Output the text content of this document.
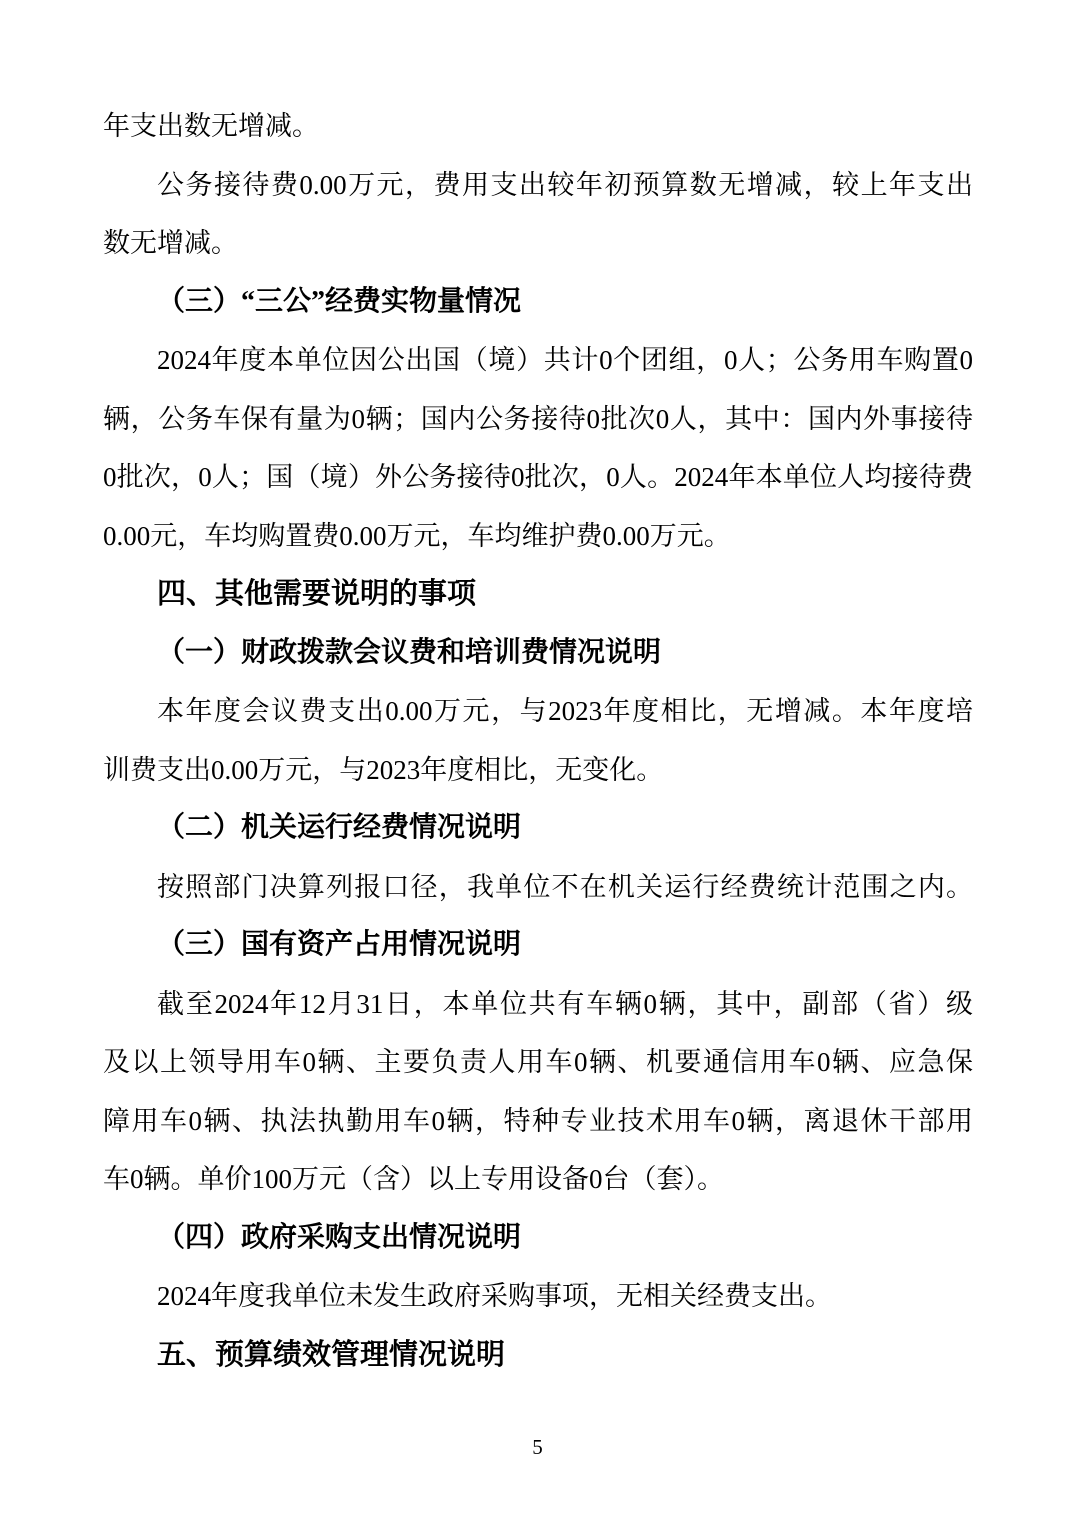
年支出数无增减。
公务接待费0.00万元，费用支出较年初预算数无增减，较上年支出
数无增减。
（三）“三公”经费实物量情况
2024年度本单位因公出国（境）共计0个团组，0人；公务用车购置0
辆，公务车保有量为0辆；国内公务接待0批次0人，其中：国内外事接待
0批次，0人；国（境）外公务接待0批次，0人。2024年本单位人均接待费
0.00元，车均购置费0.00万元，车均维护费0.00万元。
四、其他需要说明的事项
（一）财政拨款会议费和培训费情况说明
本年度会议费支出0.00万元，与2023年度相比，无增减。本年度培
训费支出0.00万元，与2023年度相比，无变化。
（二）机关运行经费情况说明
按照部门决算列报口径，我单位不在机关运行经费统计范围之内。
（三）国有资产占用情况说明
截至2024年12月31日，本单位共有车辆0辆，其中，副部（省）级
及以上领导用车0辆、主要负责人用车0辆、机要通信用车0辆、应急保
障用车0辆、执法执勤用车0辆，特种专业技术用车0辆，离退休干部用
车0辆。单价100万元（含）以上专用设备0台（套）。
（四）政府采购支出情况说明
2024年度我单位未发生政府采购事项，无相关经费支出。
五、预算绩效管理情况说明
5
